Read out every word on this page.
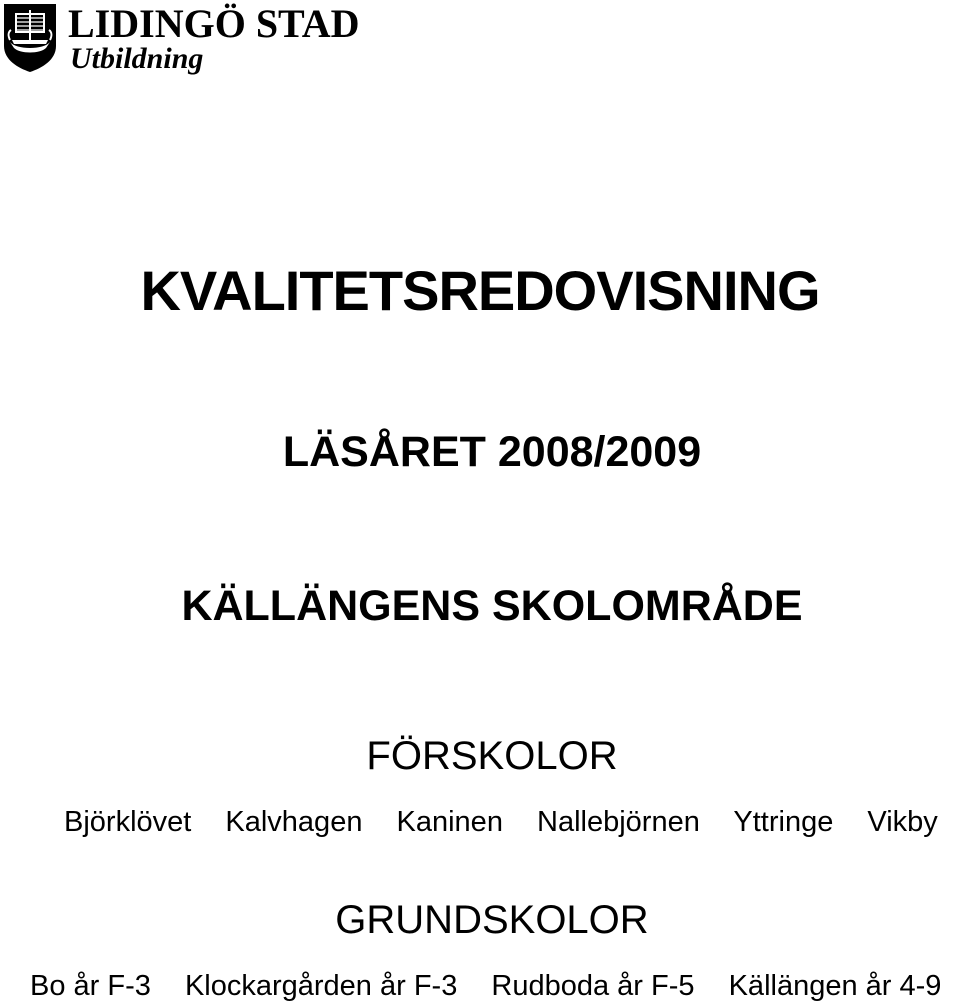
LIDINGÖ STAD
Utbildning
KVALITETSREDOVISNING
LÄSÅRET 2008/2009
KÄLLÄNGENS SKOLOMRÅDE
FÖRSKOLOR
Björklövet Kalvhagen Kaninen Nallebjörnen Yttringe Vikby
GRUNDSKOLOR
Bo år F-3 Klockargården år F-3 Rudboda år F-5 Källängen år 4-9
